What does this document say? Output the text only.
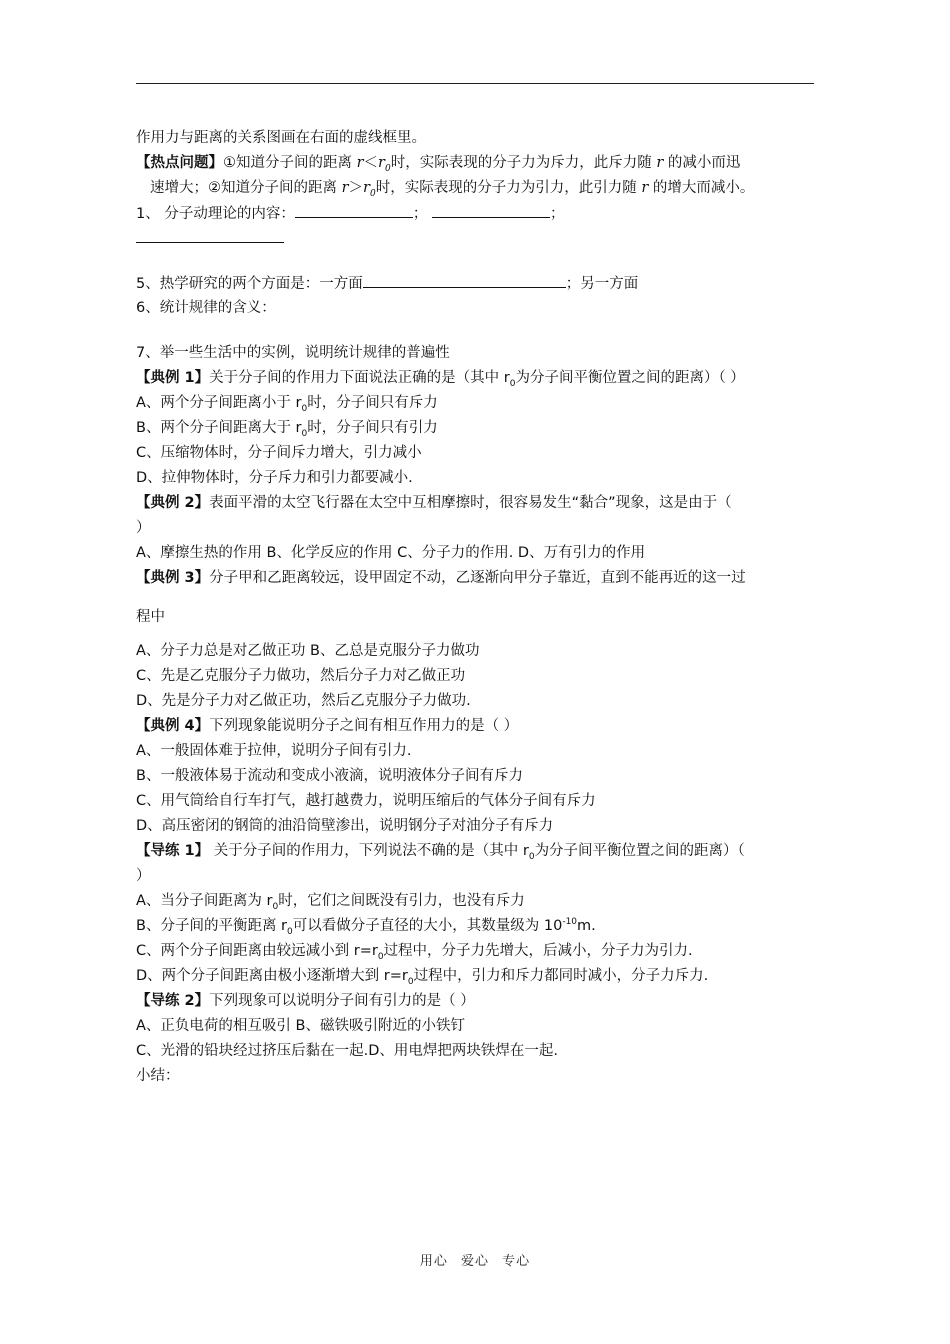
作用力与距离的关系图画在右面的虚线框里。
【热点问题】①知道分子间的距离 $r<r_0$时，实际表现的分子力为斥力，此斥力随 r 的减小而迅
速增大；②知道分子间的距离 $r>r_0$时，实际表现的分子力为引力，此引力随 r 的增大而减小。
1、 分子动理论的内容：	；	；
5、热学研究的两个方面是：一方面	；另一方面
6、统计规律的含义：
7、举一些生活中的实例，说明统计规律的普遍性
【典例 1】关于分子间的作用力下面说法正确的是（其中 $r_0$为分子间平衡位置之间的距离）（ ）
A、两个分子间距离小于 $r_0$时，分子间只有斥力
B、两个分子间距离大于 $r_0$时，分子间只有引力
C、压缩物体时，分子间斥力增大，引力减小
D、拉伸物体时，分子斥力和引力都要减小.
【典例 2】表面平滑的太空飞行器在太空中互相摩擦时，很容易发生“黏合”现象，这是由于（
）
A、摩擦生热的作用 B、化学反应的作用 C、分子力的作用. D、万有引力的作用
【典例 3】分子甲和乙距离较远，设甲固定不动，乙逐渐向甲分子靠近，直到不能再近的这一过
程中
A、分子力总是对乙做正功 B、乙总是克服分子力做功
C、先是乙克服分子力做功，然后分子力对乙做正功
D、先是分子力对乙做正功，然后乙克服分子力做功.
【典例 4】下列现象能说明分子之间有相互作用力的是（ ）
A、一般固体难于拉伸，说明分子间有引力.
B、一般液体易于流动和变成小液滴，说明液体分子间有斥力
C、用气筒给自行车打气，越打越费力，说明压缩后的气体分子间有斥力
D、高压密闭的钢筒的油沿筒壁渗出，说明钢分子对油分子有斥力
【导练 1】 关于分子间的作用力，下列说法不确的是（其中 $r_0$为分子间平衡位置之间的距离）（
）
A、当分子间距离为 $r_0$时，它们之间既没有引力，也没有斥力
B、分子间的平衡距离 $r_0$可以看做分子直径的大小，其数量级为 $10^{-10}m$.
C、两个分子间距离由较远减小到 $r=r_0$过程中，分子力先增大，后减小，分子力为引力.
D、两个分子间距离由极小逐渐增大到 $r=r_0$过程中，引力和斥力都同时减小，分子力斥力.
【导练 2】下列现象可以说明分子间有引力的是（ ）
A、正负电荷的相互吸引 B、磁铁吸引附近的小铁钉
C、光滑的铅块经过挤压后黏在一起.D、用电焊把两块铁焊在一起.
小结：
用心 爱心 专心
